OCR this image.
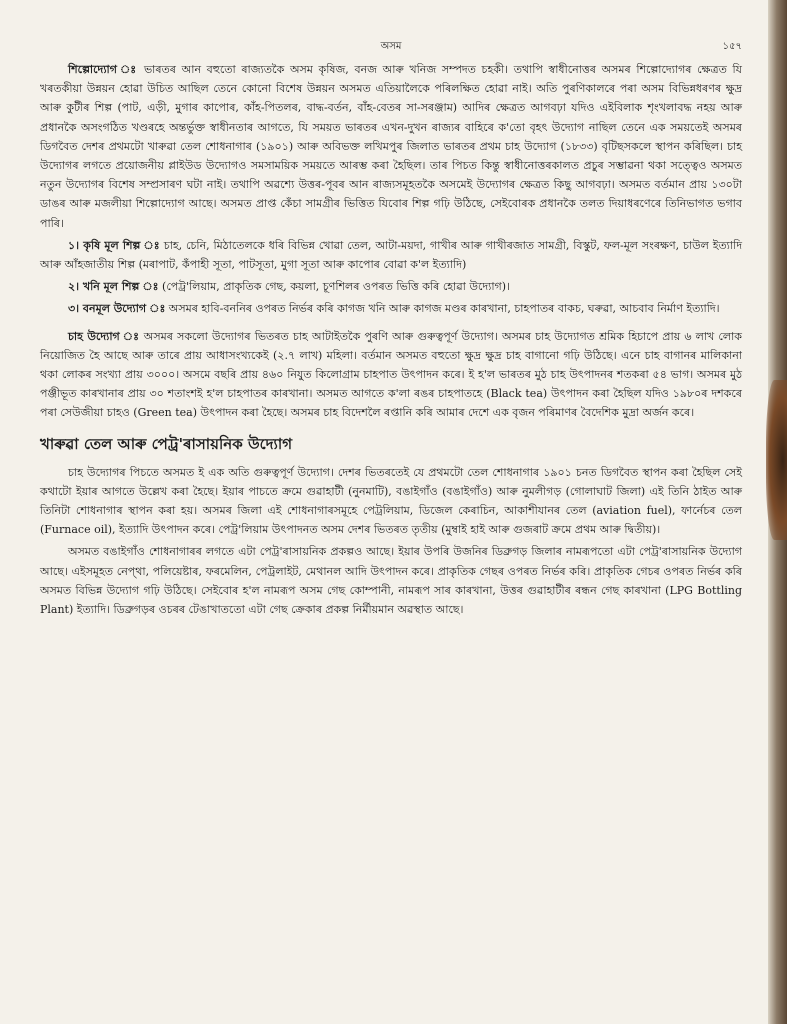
অসম	১৫৭

শিল্পোদ্যোগ ঃ ভাৰতৰ আন বহুতো ৰাজ্যতকৈ অসম কৃষিজ, বনজ আৰু খনিজ সম্পদত চহকী। তথাপি স্বাধীনোত্তৰ অসমৰ শিল্পোদ্যোগৰ ক্ষেত্ৰত যি খৰতকীয়া উন্নয়ন হোৱা উচিত আছিল তেনে কোনো বিশেষ উন্নয়ন অসমত এতিয়ালৈকে পৰিলক্ষিত হোৱা নাই। অতি পুৰণিকালৰে পৰা অসম বিভিন্নধৰণৰ ক্ষুদ্ৰ আৰু কুটীৰ শিল্প (পাট, এড়ী, মুগাৰ কাপোৰ, কাঁহ-পিতলৰ, বাদ্ধ-বৰ্তন, বাঁহ-বেতৰ সা-সৰঞ্জাম) আদিৰ ক্ষেত্ৰত আগবঢ়া যদিও এইবিলাক শৃংখলাবদ্ধ নহয় আৰু প্ৰধানকৈ অসংগঠিত খণ্ডৰহে অন্তৰ্ভুক্ত স্বাধীনতাৰ আগতে, যি সময়ত ভাৰতৰ এখন-দুখন ৰাজ্যৰ বাহিৰে ক'তো বৃহৎ উদ্যোগ নাছিল তেনে এক সময়তেই অসমৰ ডিগবৈত দেশৰ প্ৰথমটো খাৰুৱা তেল শোধনাগাৰ (১৯০১) আৰু অবিভক্ত লখিমপুৰ জিলাত ভাৰতৰ প্ৰথম চাহ উদ্যোগ (১৮৩৩) বৃটিছসকলে স্থাপন কৰিছিল। চাহ উদ্যোগৰ লগতে প্ৰয়োজনীয় প্লাইউড উদ্যোগও সমসাময়িক সময়তে আৰম্ভ কৰা হৈছিল। তাৰ পিচত কিন্তু স্বাধীনোত্তৰকালত প্ৰচুৰ সম্ভাৱনা থকা সত্ত্বেও অসমত নতুন উদ্যোগৰ বিশেষ সম্প্ৰসাৰণ ঘটা নাই। তথাপি অৱশ্যে উত্তৰ-পূবৰ আন ৰাজ্যসমূহতকৈ অসমেই উদ্যোগৰ ক্ষেত্ৰত কিছু আগবঢ়া। অসমত বৰ্তমান প্ৰায় ১৩০টা ডাঙৰ আৰু মজলীয়া শিল্পোদ্যোগ আছে। অসমত প্ৰাপ্ত কেঁচা সামগ্ৰীৰ ভিত্তিত যিবোৰ শিল্প গঢ়ি উঠিছে, সেইবোৰক প্ৰধানকৈ তলত দিয়াধৰণেৰে তিনিভাগত ভগাব পাৰি।

১। কৃষি মূল শিল্প ঃ চাহ, চেনি, মিঠাতেলকে ধৰি বিভিন্ন খোৱা তেল, আটা-ময়দা, গাখীৰ আৰু গাখীৰজাত সামগ্ৰী, বিস্কুট, ফল-মূল সংৰক্ষণ, চাউল ইত্যাদি আৰু আঁহজাতীয় শিল্প (মৰাপাট, কঁপাহী সূতা, পাটসূতা, মুগা সূতা আৰু কাপোৰ বোৱা ক'ল ইত্যাদি)

২। খনি মূল শিল্প ঃ (পেট্ৰ'লিয়াম, প্ৰাকৃতিক গেছ, কয়লা, চূণশিলৰ ওপৰত ভিত্তি কৰি হোৱা উদ্যোগ)।

৩। বনমূল উদ্যোগ ঃ অসমৰ হাবি-বননিৰ ওপৰত নিৰ্ভৰ কৰি কাগজ খনি আৰু কাগজ মণ্ডৰ কাৰখানা, চাহপাতৰ বাকচ, ঘৰুৱা, আচবাব নিৰ্মাণ ইত্যাদি।

চাহ উদ্যোগ ঃ অসমৰ সকলো উদ্যোগৰ ভিতৰত চাহ আটাইতকৈ পুৰণি আৰু গুৰুত্বপূৰ্ণ উদ্যোগ। অসমৰ চাহ উদ্যোগত শ্ৰমিক হিচাপে প্ৰায় ৬ লাখ লোক নিয়োজিত হৈ আছে আৰু তাৰে প্ৰায় আধাসংখ্যকেই (২.৭ লাখ) মহিলা। বৰ্তমান অসমত বহুতো ক্ষুদ্ৰ ক্ষুদ্ৰ চাহ বাগানো গঢ়ি উঠিছে। এনে চাহ বাগানৰ মালিকানা থকা লোকৰ সংখ্যা প্ৰায় ৩০০০। অসমে বছৰি প্ৰায় ৪৬০ নিযুত কিলোগ্ৰাম চাহপাত উৎপাদন কৰে। ই হ'ল ভাৰতৰ মুঠ চাহ উৎপাদনৰ শতকৰা ৫৪ ভাগ। অসমৰ মুঠ পঞ্জীভূত কাৰখানাৰ প্ৰায় ৩০ শতাংশই হ'ল চাহপাতৰ কাৰখানা। অসমত আগতে ক'লা ৰঙৰ চাহপাতহে (Black tea) উৎপাদন কৰা হৈছিল যদিও ১৯৮০ৰ দশকৰে পৰা সেউজীয়া চাহও (Green tea) উৎপাদন কৰা হৈছে। অসমৰ চাহ বিদেশলৈ ৰপ্তানি কৰি আমাৰ দেশে এক বৃজন পৰিমাণৰ বৈদেশিক মুদ্ৰা অৰ্জন কৰে।

খাৰুৱা তেল আৰু পেট্ৰ'ৰাসায়নিক উদ্যোগ

চাহ উদ্যোগৰ পিচতে অসমত ই এক অতি গুৰুত্বপূৰ্ণ উদ্যোগ। দেশৰ ভিতৰতেই যে প্ৰথমটো তেল শোধনাগাৰ ১৯০১ চনত ডিগবৈত স্থাপন কৰা হৈছিল সেই কথাটো ইয়াৰ আগতে উল্লেখ কৰা হৈছে। ইয়াৰ পাচতে ক্ৰমে গুৱাহাটী (নুনমাটি), বঙাইগাঁও (বঙাইগাঁও) আৰু নুমলীগড় (গোলাঘাট জিলা) এই তিনি ঠাইত আৰু তিনিটা শোধনাগাৰ স্থাপন কৰা হয়। অসমৰ জিলা এই শোধনাগাৰসমূহে পেট্ৰলিয়াম, ডিজেল কেৰাচিন, আকাশীযানৰ তেল (aviation fuel), ফাৰ্নেচৰ তেল (Furnace oil), ইত্যাদি উৎপাদন কৰে। পেট্ৰ'লিয়াম উৎপাদনত অসম দেশৰ ভিতৰত তৃতীয় (মুম্বাই হাই আৰু গুজৰাট ক্ৰমে প্ৰথম আৰু দ্বিতীয়)।

অসমত বঙাইগাঁও শোধনাগাৰৰ লগতে এটা পেট্ৰ'ৰাসায়নিক প্ৰকল্পও আছে। ইয়াৰ উপৰি উজনিৰ ডিব্ৰুগড় জিলাৰ নামৰূপতো এটা পেট্ৰ'ৰাসায়নিক উদ্যোগ আছে। এইসমূহত নেপ্থা, পলিয়েষ্টাৰ, ফৰমেলিন, পেট্ৰলাইট, মেথানল আদি উৎপাদন কৰে। প্ৰাকৃতিক গেছৰ ওপৰত নিৰ্ভৰ কৰি। প্ৰাকৃতিক গেচৰ ওপৰত নিৰ্ভৰ কৰি অসমত বিভিন্ন উদ্যোগ গঢ়ি উঠিছে। সেইবোৰ হ'ল নামৰূপ অসম গেছ কোম্পানী, নামৰূপ সাৰ কাৰখানা, উত্তৰ গুৱাহাটীৰ ৰন্ধন গেছ কাৰখানা (LPG Bottling Plant) ইত্যাদি। ডিব্ৰুগড়ৰ ওচৰৰ টেঙাখাততো এটা গেছ ক্ৰেকাৰ প্ৰকল্প নিৰ্মীয়মান অৱস্থাত আছে।
